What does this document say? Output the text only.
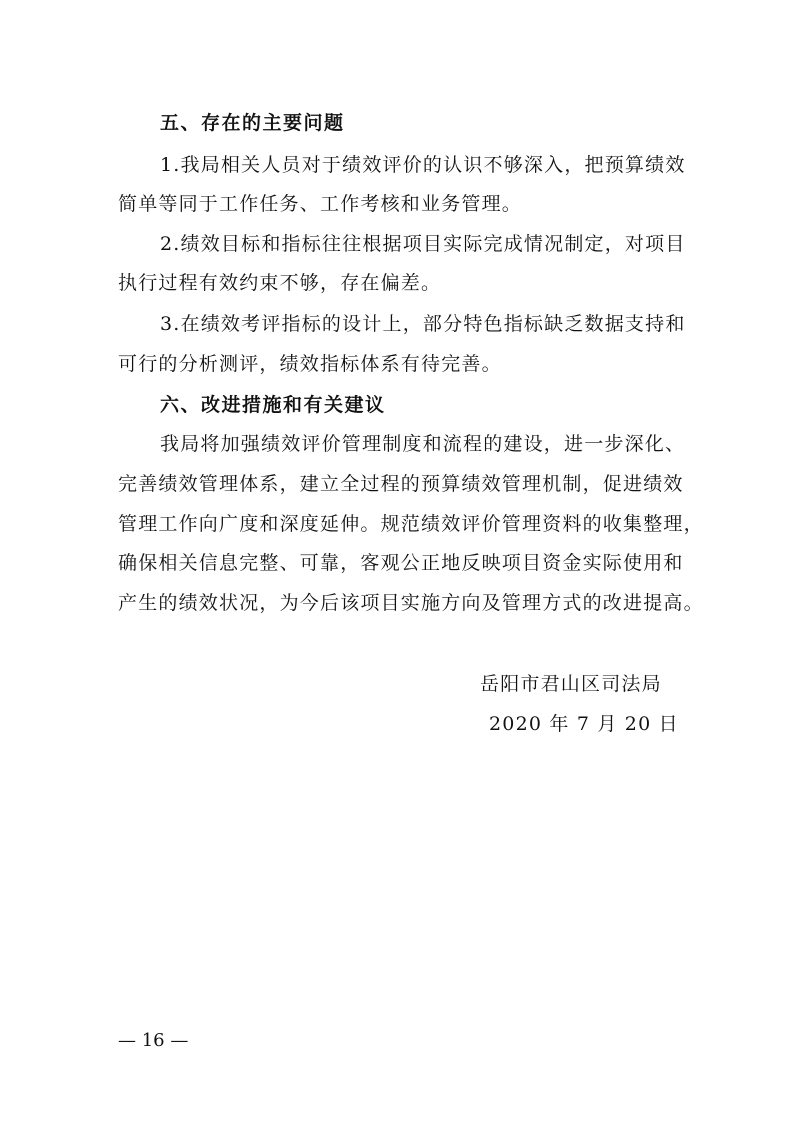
五、存在的主要问题
1.我局相关人员对于绩效评价的认识不够深入，把预算绩效
简单等同于工作任务、工作考核和业务管理。
2.绩效目标和指标往往根据项目实际完成情况制定，对项目
执行过程有效约束不够，存在偏差。
3.在绩效考评指标的设计上，部分特色指标缺乏数据支持和
可行的分析测评，绩效指标体系有待完善。
六、改进措施和有关建议
我局将加强绩效评价管理制度和流程的建设，进一步深化、
完善绩效管理体系，建立全过程的预算绩效管理机制，促进绩效
管理工作向广度和深度延伸。规范绩效评价管理资料的收集整理，
确保相关信息完整、可靠，客观公正地反映项目资金实际使用和
产生的绩效状况，为今后该项目实施方向及管理方式的改进提高。
岳阳市君山区司法局
2020 年 7 月 20 日
— 16 —
